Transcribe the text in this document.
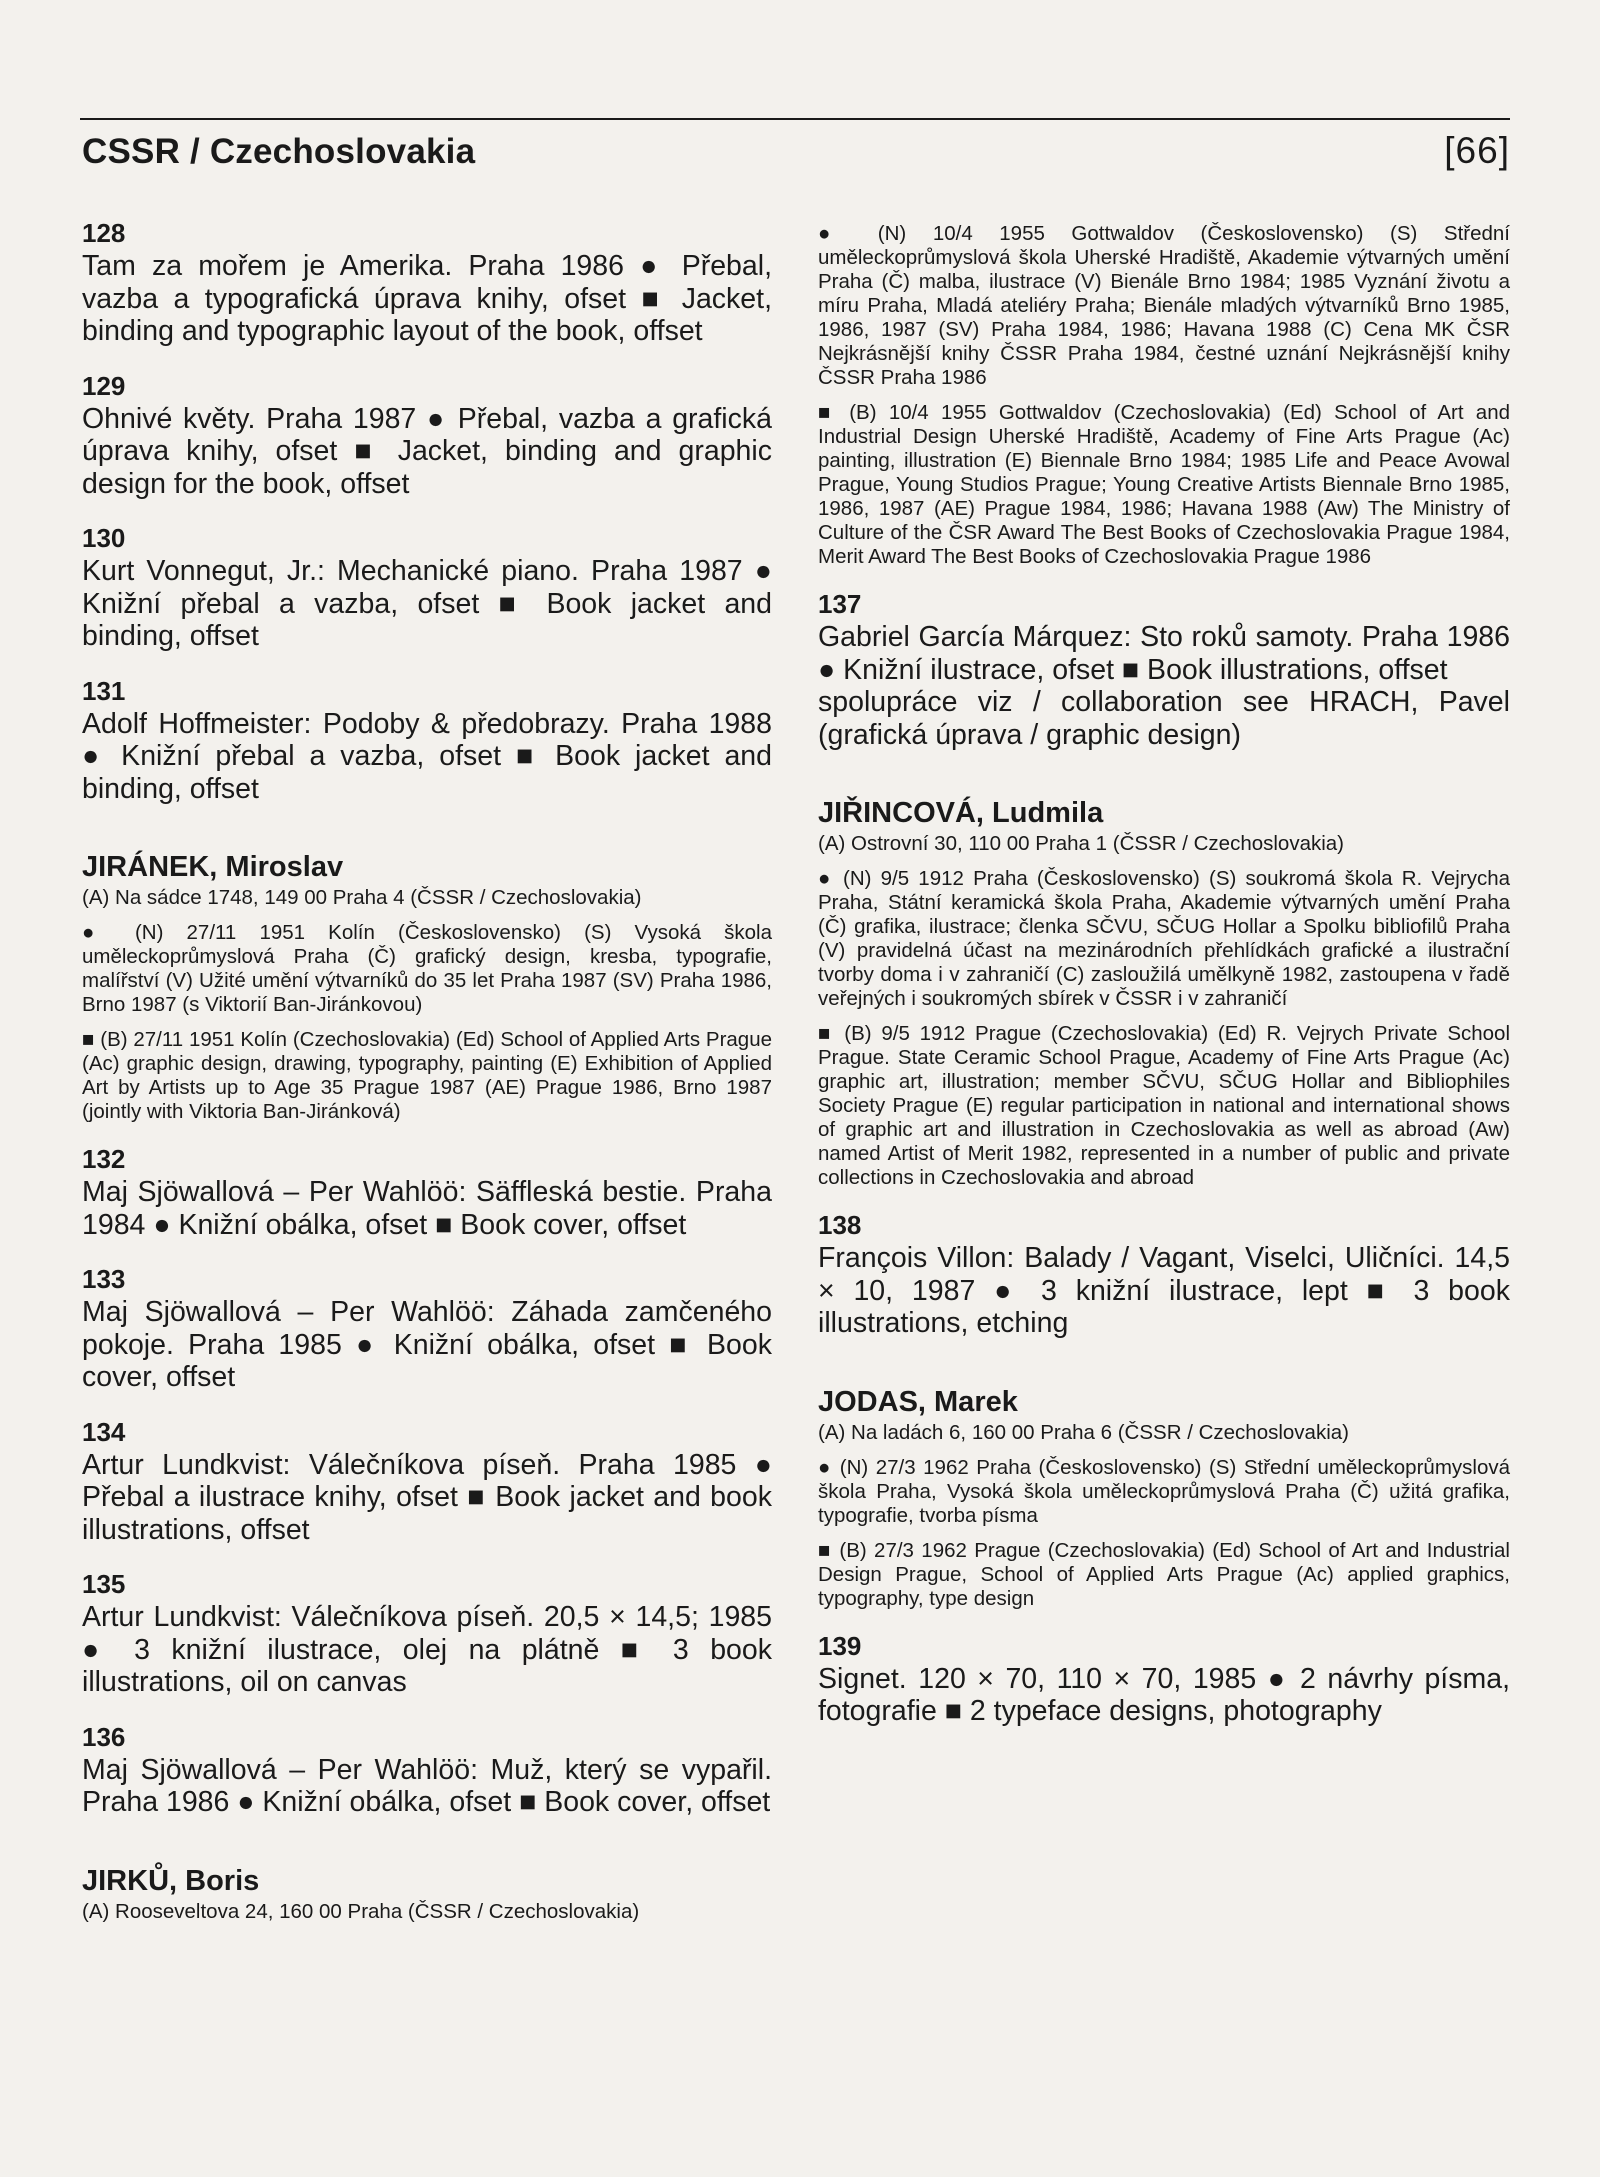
CSSR / Czechoslovakia	[66]
128
Tam za mořem je Amerika. Praha 1986 ● Přebal, vazba a typografická úprava knihy, ofset ■ Jacket, binding and typographic layout of the book, offset
129
Ohnivé květy. Praha 1987 ● Přebal, vazba a grafická úprava knihy, ofset ■ Jacket, binding and graphic design for the book, offset
130
Kurt Vonnegut, Jr.: Mechanické piano. Praha 1987 ● Knižní přebal a vazba, ofset ■ Book jacket and binding, offset
131
Adolf Hoffmeister: Podoby & předobrazy. Praha 1988 ● Knižní přebal a vazba, ofset ■ Book jacket and binding, offset
JIRÁNEK, Miroslav
(A) Na sádce 1748, 149 00 Praha 4 (ČSSR / Czechoslovakia)
● (N) 27/11 1951 Kolín (Československo) (S) Vysoká škola uměleckoprůmyslová Praha (Č) grafický design, kresba, typografie, malířství (V) Užité umění výtvarníků do 35 let Praha 1987 (SV) Praha 1986, Brno 1987 (s Viktorií Ban-Jiránkovou)
■ (B) 27/11 1951 Kolín (Czechoslovakia) (Ed) School of Applied Arts Prague (Ac) graphic design, drawing, typography, painting (E) Exhibition of Applied Art by Artists up to Age 35 Prague 1987 (AE) Prague 1986, Brno 1987 (jointly with Viktoria Ban-Jiránková)
132
Maj Sjöwallová – Per Wahlöö: Säffleská bestie. Praha 1984 ● Knižní obálka, ofset ■ Book cover, offset
133
Maj Sjöwallová – Per Wahlöö: Záhada zamčeného pokoje. Praha 1985 ● Knižní obálka, ofset ■ Book cover, offset
134
Artur Lundkvist: Válečníkova píseň. Praha 1985 ● Přebal a ilustrace knihy, ofset ■ Book jacket and book illustrations, offset
135
Artur Lundkvist: Válečníkova píseň. 20,5 × 14,5; 1985 ● 3 knižní ilustrace, olej na plátně ■ 3 book illustrations, oil on canvas
136
Maj Sjöwallová – Per Wahlöö: Muž, který se vypařil. Praha 1986 ● Knižní obálka, ofset ■ Book cover, offset
JIRKŮ, Boris
(A) Rooseveltova 24, 160 00 Praha (ČSSR / Czechoslovakia)
● (N) 10/4 1955 Gottwaldov (Československo) (S) Střední uměleckoprůmyslová škola Uherské Hradiště, Akademie výtvarných umění Praha (Č) malba, ilustrace (V) Bienále Brno 1984; 1985 Vyznání životu a míru Praha, Mladá ateliéry Praha; Bienále mladých výtvarníků Brno 1985, 1986, 1987 (SV) Praha 1984, 1986; Havana 1988 (C) Cena MK ČSR Nejkrásnější knihy ČSSR Praha 1984, čestné uznání Nejkrásnější knihy ČSSR Praha 1986
■ (B) 10/4 1955 Gottwaldov (Czechoslovakia) (Ed) School of Art and Industrial Design Uherské Hradiště, Academy of Fine Arts Prague (Ac) painting, illustration (E) Biennale Brno 1984; 1985 Life and Peace Avowal Prague, Young Studios Prague; Young Creative Artists Biennale Brno 1985, 1986, 1987 (AE) Prague 1984, 1986; Havana 1988 (Aw) The Ministry of Culture of the ČSR Award The Best Books of Czechoslovakia Prague 1984, Merit Award The Best Books of Czechoslovakia Prague 1986
137
Gabriel García Márquez: Sto roků samoty. Praha 1986 ● Knižní ilustrace, ofset ■ Book illustrations, offset
spolupráce viz / collaboration see HRACH, Pavel (grafická úprava / graphic design)
JIŘINCOVÁ, Ludmila
(A) Ostrovní 30, 110 00 Praha 1 (ČSSR / Czechoslovakia)
● (N) 9/5 1912 Praha (Československo) (S) soukromá škola R. Vejrycha Praha, Státní keramická škola Praha, Akademie výtvarných umění Praha (Č) grafika, ilustrace; členka SČVU, SČUG Hollar a Spolku bibliofilů Praha (V) pravidelná účast na mezinárodních přehlídkách grafické a ilustrační tvorby doma i v zahraničí (C) zasloužilá umělkyně 1982, zastoupena v řadě veřejných i soukromých sbírek v ČSSR i v zahraničí
■ (B) 9/5 1912 Prague (Czechoslovakia) (Ed) R. Vejrych Private School Prague. State Ceramic School Prague, Academy of Fine Arts Prague (Ac) graphic art, illustration; member SČVU, SČUG Hollar and Bibliophiles Society Prague (E) regular participation in national and international shows of graphic art and illustration in Czechoslovakia as well as abroad (Aw) named Artist of Merit 1982, represented in a number of public and private collections in Czechoslovakia and abroad
138
François Villon: Balady / Vagant, Viselci, Uličníci. 14,5 × 10, 1987 ● 3 knižní ilustrace, lept ■ 3 book illustrations, etching
JODAS, Marek
(A) Na ladách 6, 160 00 Praha 6 (ČSSR / Czechoslovakia)
● (N) 27/3 1962 Praha (Československo) (S) Střední uměleckoprůmyslová škola Praha, Vysoká škola uměleckoprůmyslová Praha (Č) užitá grafika, typografie, tvorba písma
■ (B) 27/3 1962 Prague (Czechoslovakia) (Ed) School of Art and Industrial Design Prague, School of Applied Arts Prague (Ac) applied graphics, typography, type design
139
Signet. 120 × 70, 110 × 70, 1985 ● 2 návrhy písma, fotografie ■ 2 typeface designs, photography
